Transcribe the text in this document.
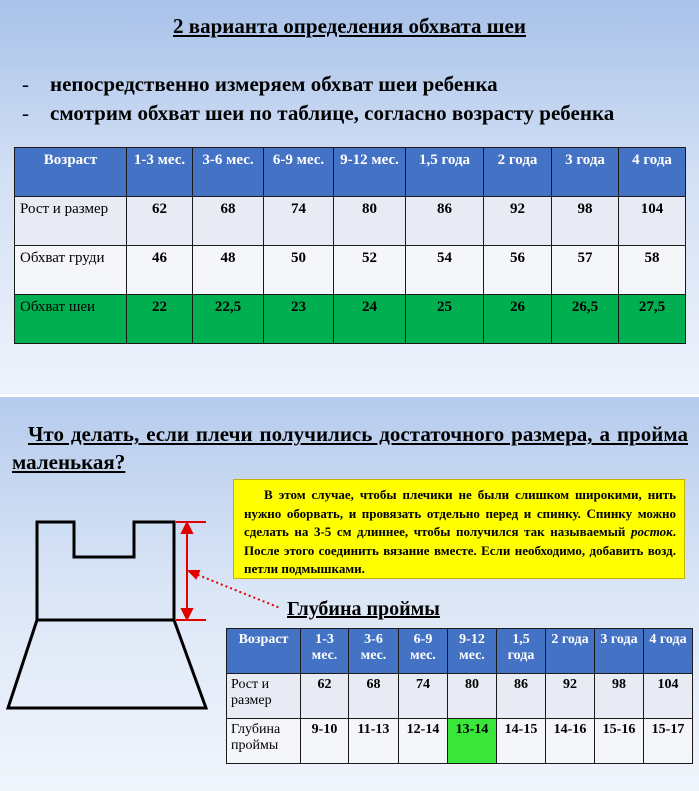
2 варианта определения обхвата шеи
- непосредственно измеряем обхват шеи ребенка
- смотрим обхват шеи по таблице, согласно возрасту ребенка
Возраст	1-3 мес.	3-6 мес.	6-9 мес.	9-12 мес.	1,5 года	2 года	3 года	4 года
Рост и размер	62	68	74	80	86	92	98	104
Обхват груди	46	48	50	52	54	56	57	58
Обхват шеи	22	22,5	23	24	25	26	26,5	27,5
Что делать, если плечи получились достаточного размера, а пройма маленькая?
В этом случае, чтобы плечики не были слишком широкими, нить нужно оборвать, и провязать отдельно перед и спинку. Спинку можно сделать на 3-5 см длиннее, чтобы получился так называемый росток. После этого соединить вязание вместе. Если необходимо, добавить возд. петли подмышками.
Глубина проймы
Возраст	1-3 мес.	3-6 мес.	6-9 мес.	9-12 мес.	1,5 года	2 года	3 года	4 года
Рост и размер	62	68	74	80	86	92	98	104
Глубина проймы	9-10	11-13	12-14	13-14	14-15	14-16	15-16	15-17
